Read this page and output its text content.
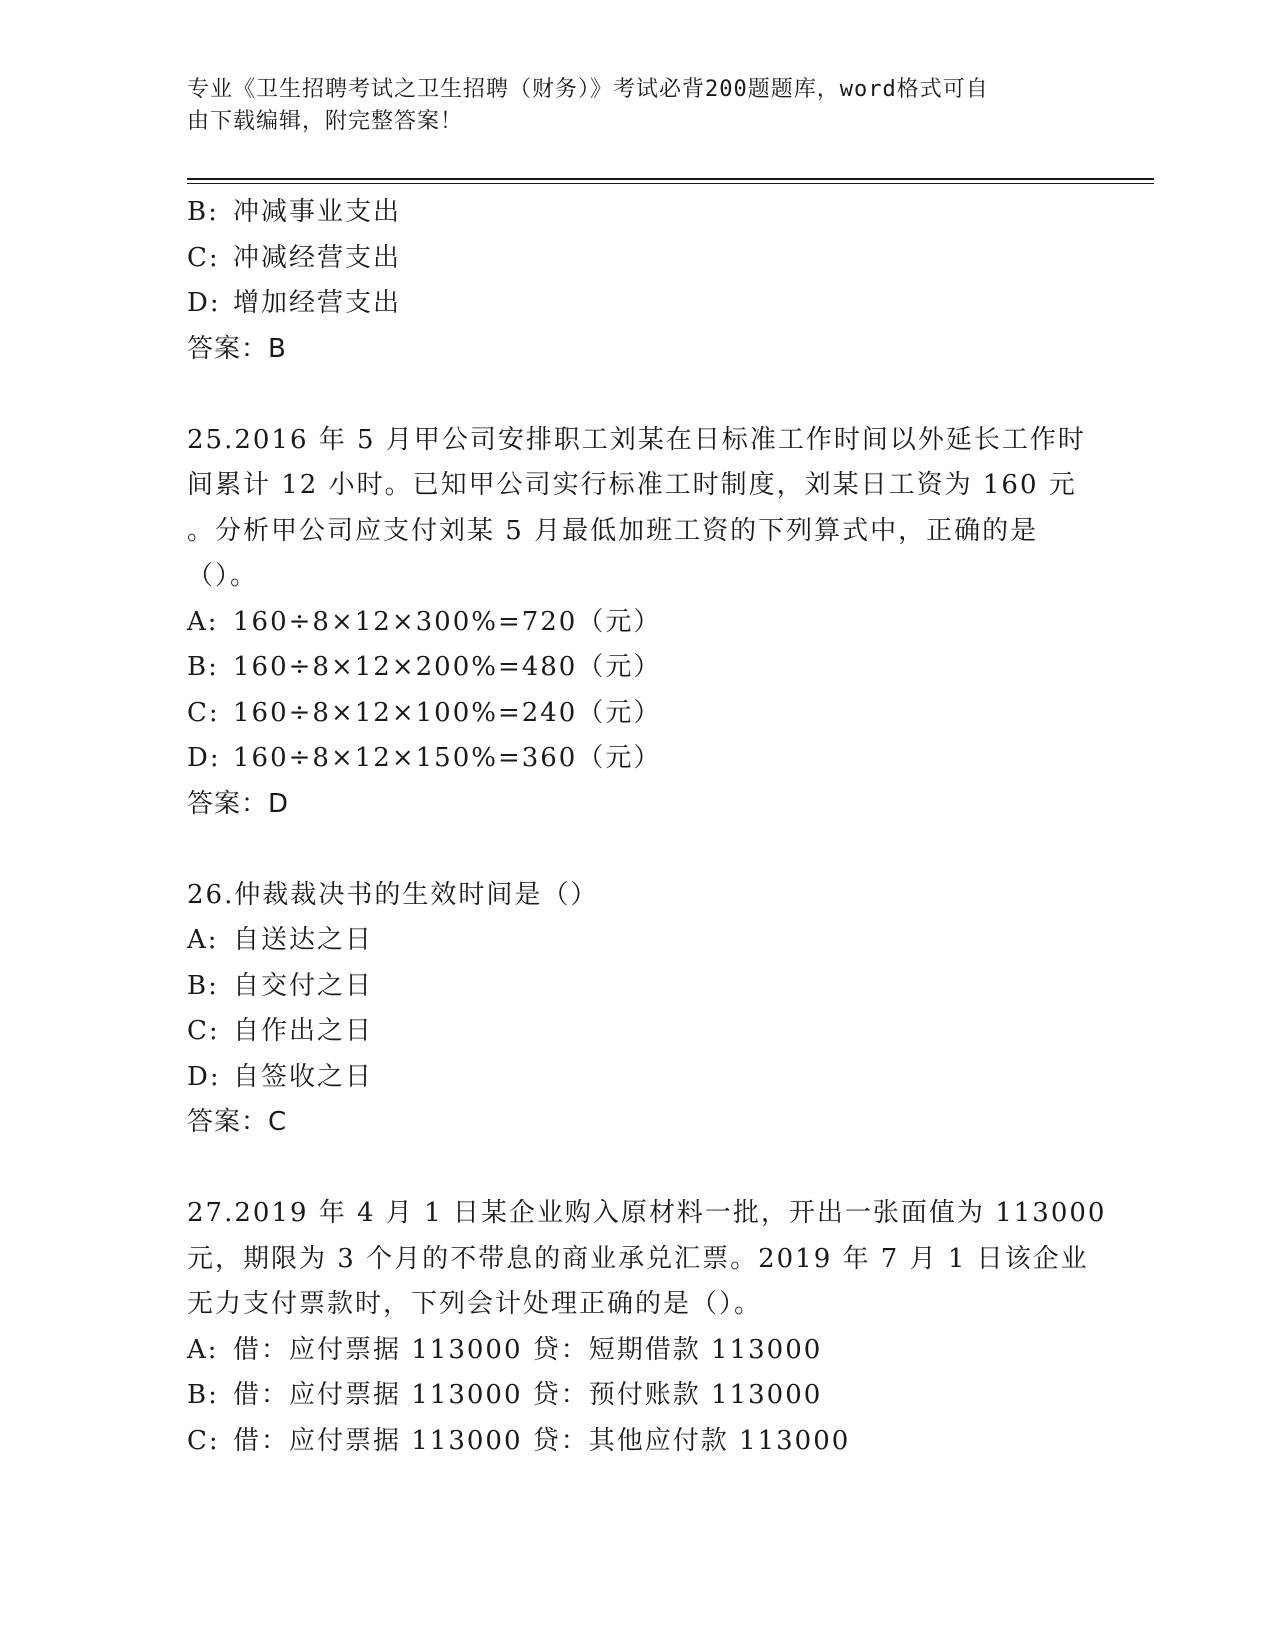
专业《卫生招聘考试之卫生招聘（财务）》考试必背200题题库，word格式可自
由下载编辑，附完整答案！
B: 冲减事业支出
C: 冲减经营支出
D: 增加经营支出
答案：B
25.2016 年 5 月甲公司安排职工刘某在日标准工作时间以外延长工作时
间累计 12 小时。已知甲公司实行标准工时制度，刘某日工资为 160 元
。分析甲公司应支付刘某 5 月最低加班工资的下列算式中，正确的是
（）。
A: 160÷8×12×300%=720（元）
B: 160÷8×12×200%=480（元）
C: 160÷8×12×100%=240（元）
D: 160÷8×12×150%=360（元）
答案：D
26.仲裁裁决书的生效时间是（）
A: 自送达之日
B: 自交付之日
C: 自作出之日
D: 自签收之日
答案：C
27.2019 年 4 月 1 日某企业购入原材料一批，开出一张面值为 113000
元，期限为 3 个月的不带息的商业承兑汇票。2019 年 7 月 1 日该企业
无力支付票款时，下列会计处理正确的是（）。
A: 借：应付票据 113000 贷：短期借款 113000
B: 借：应付票据 113000 贷：预付账款 113000
C: 借：应付票据 113000 贷：其他应付款 113000
